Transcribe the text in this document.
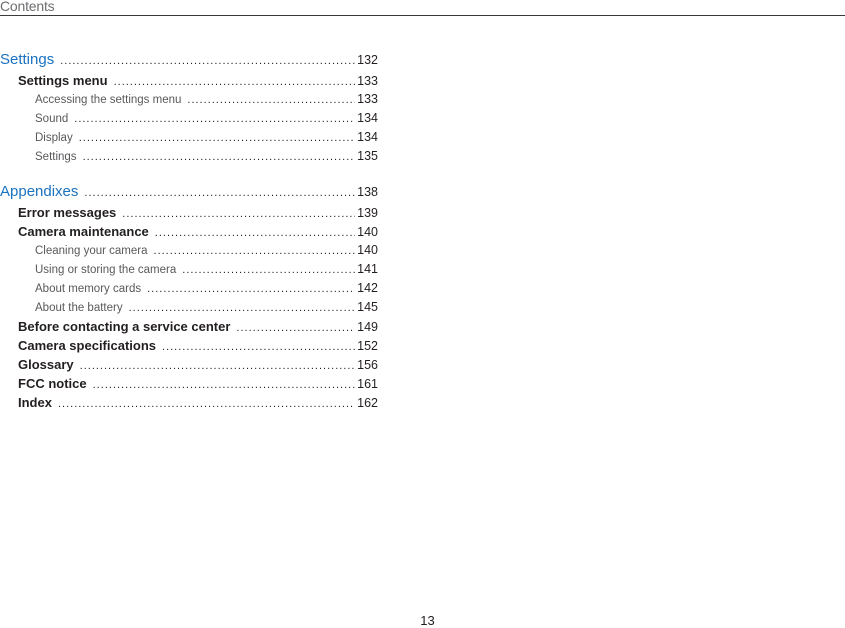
Contents
Settings .....	132
Settings menu .....	133
Accessing the settings menu .....	133
Sound .....	134
Display .....	134
Settings .....	135
Appendixes .....	138
Error messages .....	139
Camera maintenance .....	140
Cleaning your camera .....	140
Using or storing the camera .....	141
About memory cards .....	142
About the battery .....	145
Before contacting a service center .....	149
Camera specifications .....	152
Glossary .....	156
FCC notice .....	161
Index .....	162
13
